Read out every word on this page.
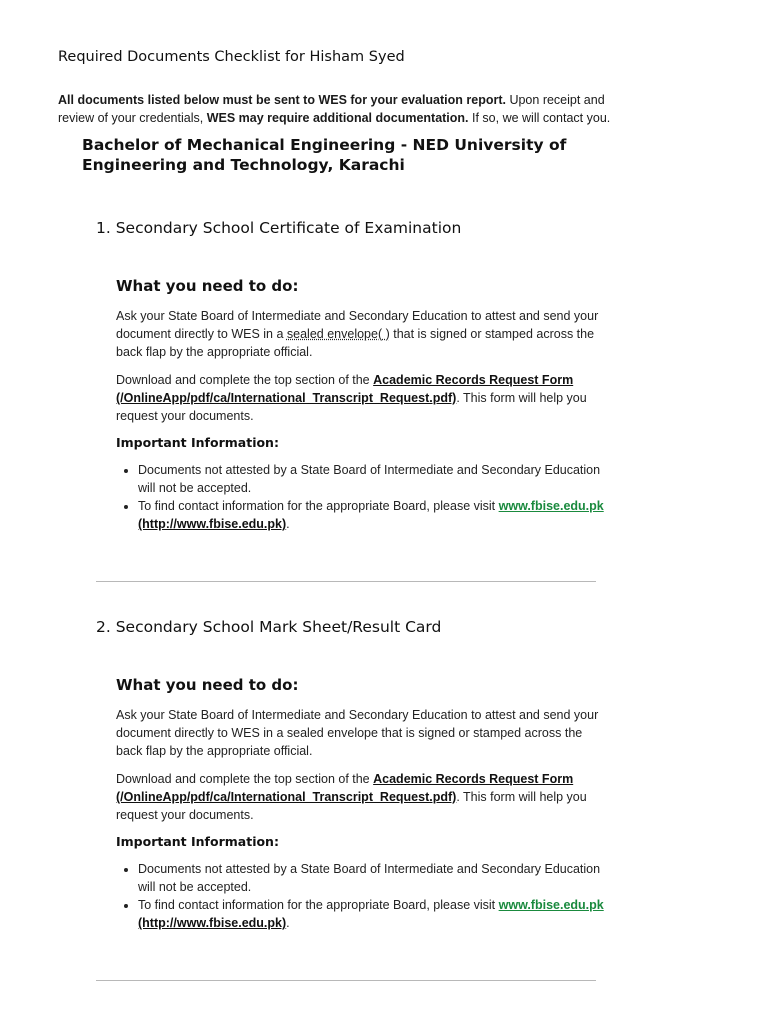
Required Documents Checklist for Hisham Syed
All documents listed below must be sent to WES for your evaluation report. Upon receipt and review of your credentials, WES may require additional documentation. If so, we will contact you.
Bachelor of Mechanical Engineering - NED University of Engineering and Technology, Karachi
1. Secondary School Certificate of Examination
What you need to do:

Ask your State Board of Intermediate and Secondary Education to attest and send your document directly to WES in a sealed envelope( ) that is signed or stamped across the back flap by the appropriate official.

Download and complete the top section of the Academic Records Request Form (/OnlineApp/pdf/ca/International_Transcript_Request.pdf). This form will help you request your documents.

Important Information:
• Documents not attested by a State Board of Intermediate and Secondary Education will not be accepted.
• To find contact information for the appropriate Board, please visit www.fbise.edu.pk (http://www.fbise.edu.pk).
2. Secondary School Mark Sheet/Result Card
What you need to do:

Ask your State Board of Intermediate and Secondary Education to attest and send your document directly to WES in a sealed envelope that is signed or stamped across the back flap by the appropriate official.

Download and complete the top section of the Academic Records Request Form (/OnlineApp/pdf/ca/International_Transcript_Request.pdf). This form will help you request your documents.

Important Information:
• Documents not attested by a State Board of Intermediate and Secondary Education will not be accepted.
• To find contact information for the appropriate Board, please visit www.fbise.edu.pk (http://www.fbise.edu.pk).
